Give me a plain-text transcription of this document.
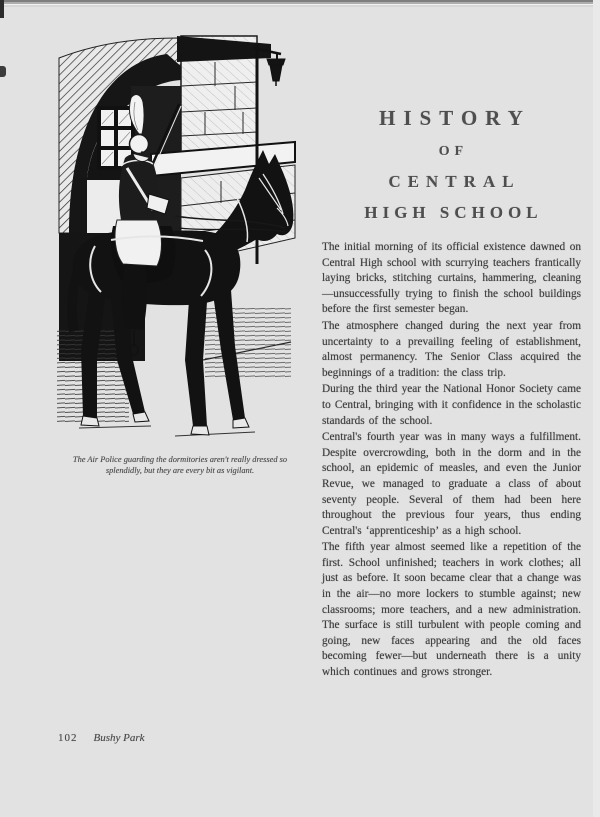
The Air Police guarding the dormitories aren't really dressed so splendidly, but they are every bit as vigilant.
HISTORY
OF
CENTRAL
HIGH SCHOOL

The initial morning of its official existence dawned on Central High school with scurrying teachers frantically laying bricks, stitching curtains, hammering, cleaning—unsuccessfully trying to finish the school buildings before the first semester began.

The atmosphere changed during the next year from uncertainty to a prevailing feeling of establishment, almost permanency. The Senior Class acquired the beginnings of a tradition: the class trip.

During the third year the National Honor Society came to Central, bringing with it confidence in the scholastic standards of the school.

Central's fourth year was in many ways a fulfillment. Despite overcrowding, both in the dorm and in the school, an epidemic of measles, and even the Junior Revue, we managed to graduate a class of about seventy people. Several of them had been here throughout the previous four years, thus ending Central's ‘apprenticeship’ as a high school.

The fifth year almost seemed like a repetition of the first. School unfinished; teachers in work clothes; all just as before. It soon became clear that a change was in the air—no more lockers to stumble against; new classrooms; more teachers, and a new administration. The surface is still turbulent with people coming and going, new faces appearing and the old faces becoming fewer—but underneath there is a unity which continues and grows stronger.

102 Bushy Park
